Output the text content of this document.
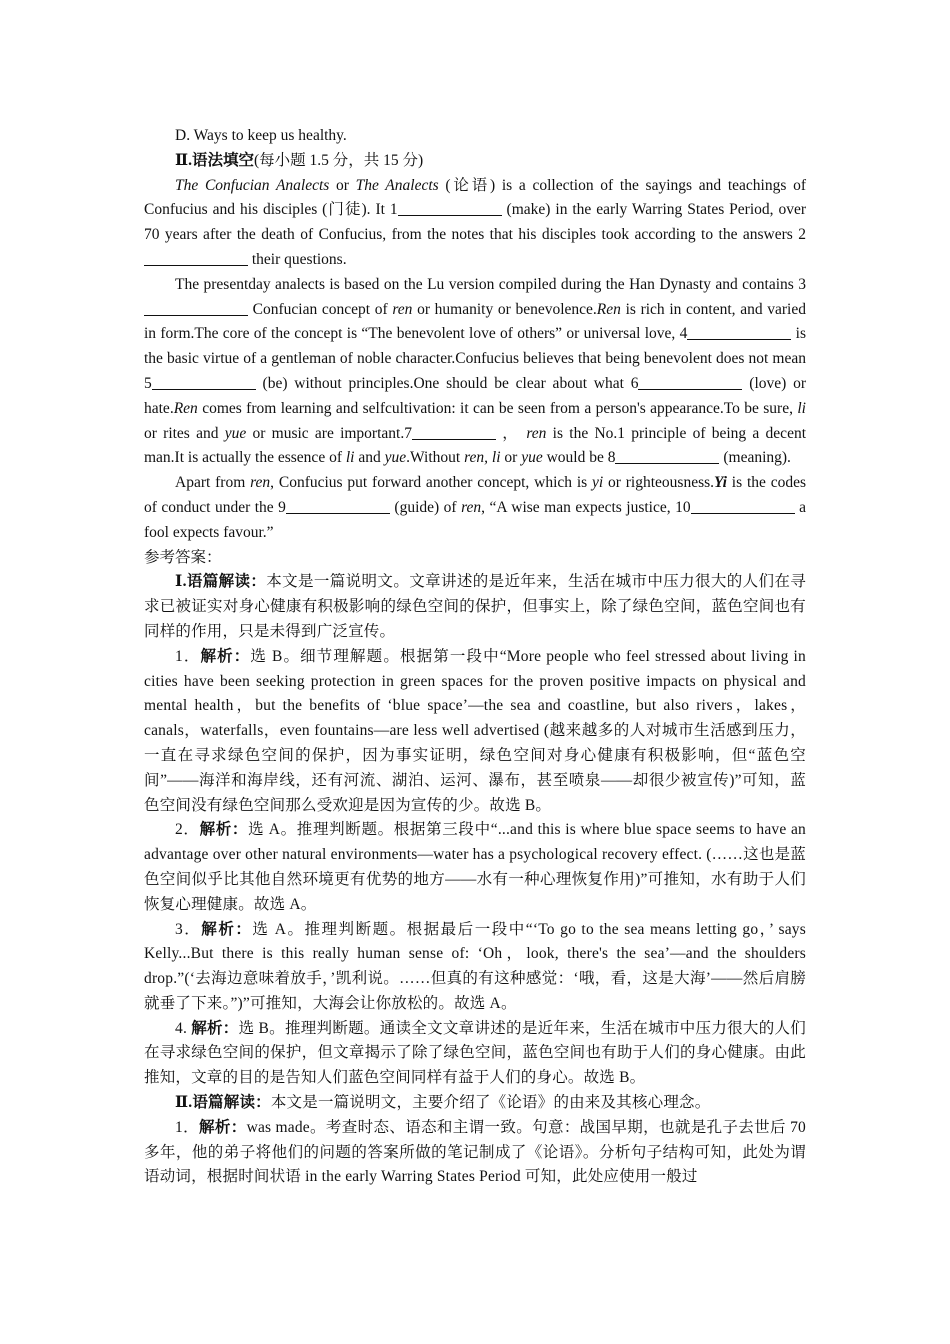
D. Ways to keep us healthy.

Ⅱ.语法填空(每小题 1.5 分，共 15 分)

The Confucian Analects or The Analects (论语) is a collection of the sayings and teachings of Confucius and his disciples (门徒). It 1	(make) in the early Warring States Period, over 70 years after the death of Confucius, from the notes that his disciples took according to the answers 2 their questions.

The presentday analects is based on the Lu version compiled during the Han Dynasty and contains 3 Confucian concept of ren or humanity or benevolence.Ren is rich in content, and varied in form.The core of the concept is “The benevolent love of others” or universal love, 4	is the basic virtue of a gentleman of noble character.Confucius believes that being benevolent does not mean 5	(be) without principles.One should be clear about what 6	(love) or hate.Ren comes from learning and selfcultivation: it can be seen from a person's appearance.To be sure, li or rites and yue or music are important.7	， ren is the No.1 principle of being a decent man.It is actually the essence of li and yue.Without ren, li or yue would be 8	(meaning).

Apart from ren, Confucius put forward another concept, which is yi or righteousness.Yi is the codes of conduct under the 9	(guide) of ren, “A wise man expects justice, 10	a fool expects favour.”

参考答案：

Ⅰ.语篇解读：本文是一篇说明文。文章讲述的是近年来，生活在城市中压力很大的人们在寻求已被证实对身心健康有积极影响的绿色空间的保护，但事实上，除了绿色空间，蓝色空间也有同样的作用，只是未得到广泛宣传。

1．解析：选 B。细节理解题。根据第一段中“More people who feel stressed about living in cities have been seeking protection in green spaces for the proven positive impacts on physical and mental health，but the benefits of ‘blue space’—the sea and coastline, but also rivers，lakes，canals，waterfalls，even fountains—are less well advertised (越来越多的人对城市生活感到压力，一直在寻求绿色空间的保护，因为事实证明，绿色空间对身心健康有积极影响，但“蓝色空间”——海洋和海岸线，还有河流、湖泊、运河、瀑布，甚至喷泉——却很少被宣传)”可知，蓝色空间没有绿色空间那么受欢迎是因为宣传的少。故选 B。

2．解析：选 A。推理判断题。根据第三段中“...and this is where blue space seems to have an advantage over other natural environments—water has a psychological recovery effect. (……这也是蓝色空间似乎比其他自然环境更有优势的地方——水有一种心理恢复作用)”可推知，水有助于人们恢复心理健康。故选 A。

3．解析：选 A。推理判断题。根据最后一段中“‘To go to the sea means letting go，’ says Kelly...But there is this really human sense of: ‘Oh，look, there's the sea’—and the shoulders drop.”(‘去海边意味着放手，’凯利说。……但真的有这种感觉：‘哦，看，这是大海’——然后肩膀就垂了下来。”)”可推知，大海会让你放松的。故选 A。

4. 解析：选 B。推理判断题。通读全文文章讲述的是近年来，生活在城市中压力很大的人们在寻求绿色空间的保护，但文章揭示了除了绿色空间，蓝色空间也有助于人们的身心健康。由此推知，文章的目的是告知人们蓝色空间同样有益于人们的身心。故选 B。

Ⅱ.语篇解读：本文是一篇说明文，主要介绍了《论语》的由来及其核心理念。

1．解析：was made。考查时态、语态和主谓一致。句意：战国早期，也就是孔子去世后 70 多年，他的弟子将他们的问题的答案所做的笔记制成了《论语》。分析句子结构可知，此处为谓语动词，根据时间状语 in the early Warring States Period 可知，此处应使用一般过
